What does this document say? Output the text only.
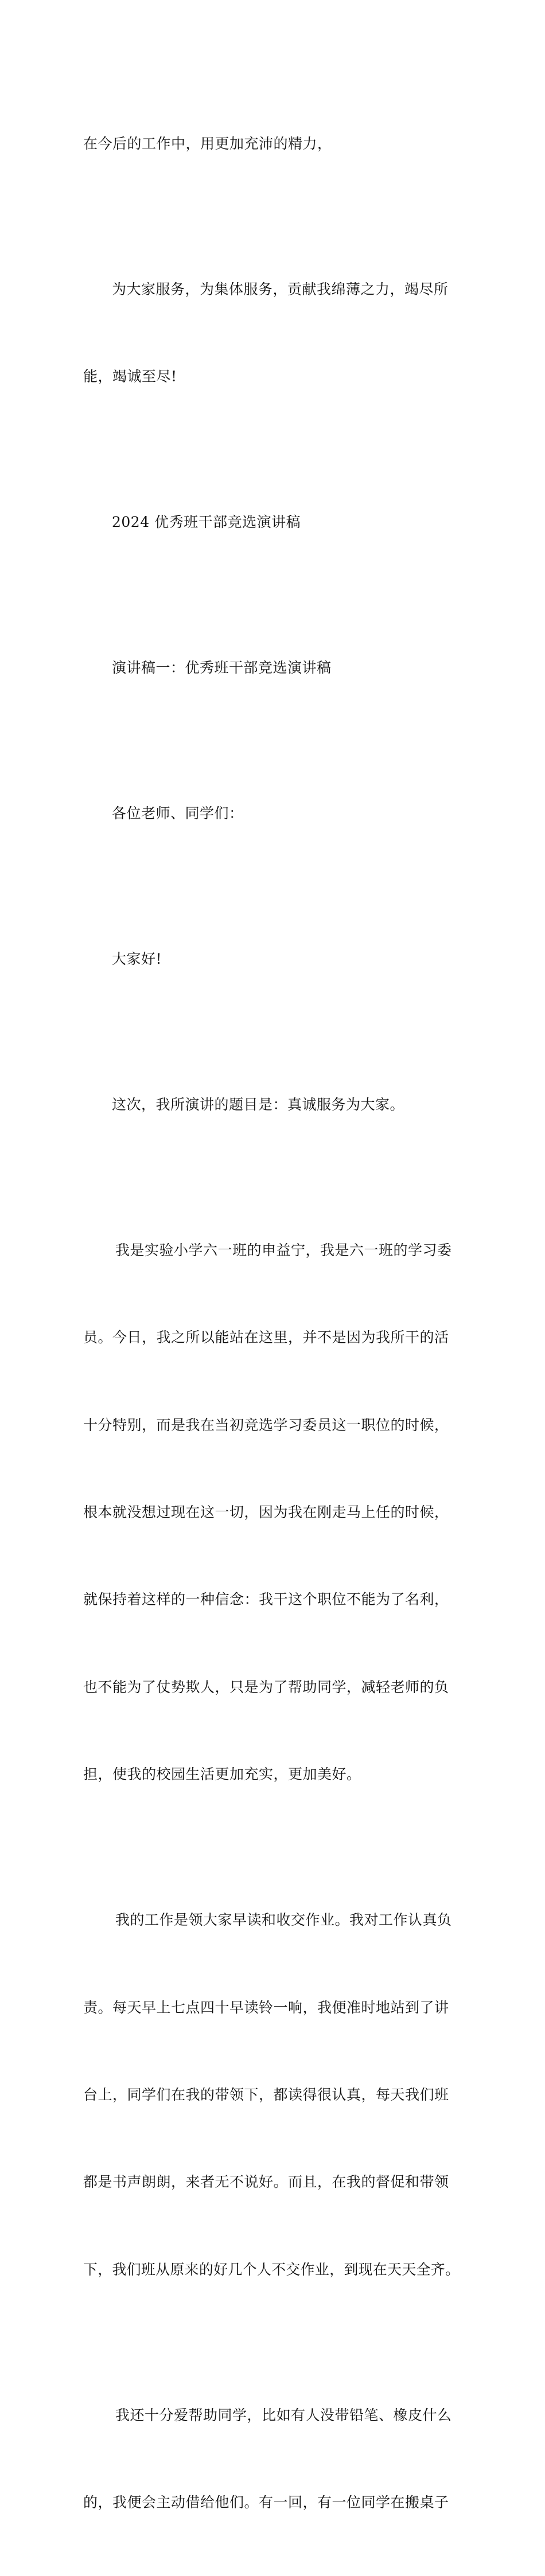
在今后的工作中，用更加充沛的精力，

为大家服务，为集体服务，贡献我绵薄之力，竭尽所

能，竭诚至尽!

2024 优秀班干部竞选演讲稿

演讲稿一：优秀班干部竞选演讲稿

各位老师、同学们：

大家好!

这次，我所演讲的题目是：真诚服务为大家。

我是实验小学六一班的申益宁，我是六一班的学习委

员。今日，我之所以能站在这里，并不是因为我所干的活

十分特别，而是我在当初竞选学习委员这一职位的时候，

根本就没想过现在这一切，因为我在刚走马上任的时候，

就保持着这样的一种信念：我干这个职位不能为了名利，

也不能为了仗势欺人，只是为了帮助同学，减轻老师的负

担，使我的校园生活更加充实，更加美好。

我的工作是领大家早读和收交作业。我对工作认真负

责。每天早上七点四十早读铃一响，我便准时地站到了讲

台上，同学们在我的带领下，都读得很认真，每天我们班

都是书声朗朗，来者无不说好。而且，在我的督促和带领

下，我们班从原来的好几个人不交作业，到现在天天全齐。

我还十分爱帮助同学，比如有人没带铅笔、橡皮什么

的，我便会主动借给他们。有一回，有一位同学在搬桌子
